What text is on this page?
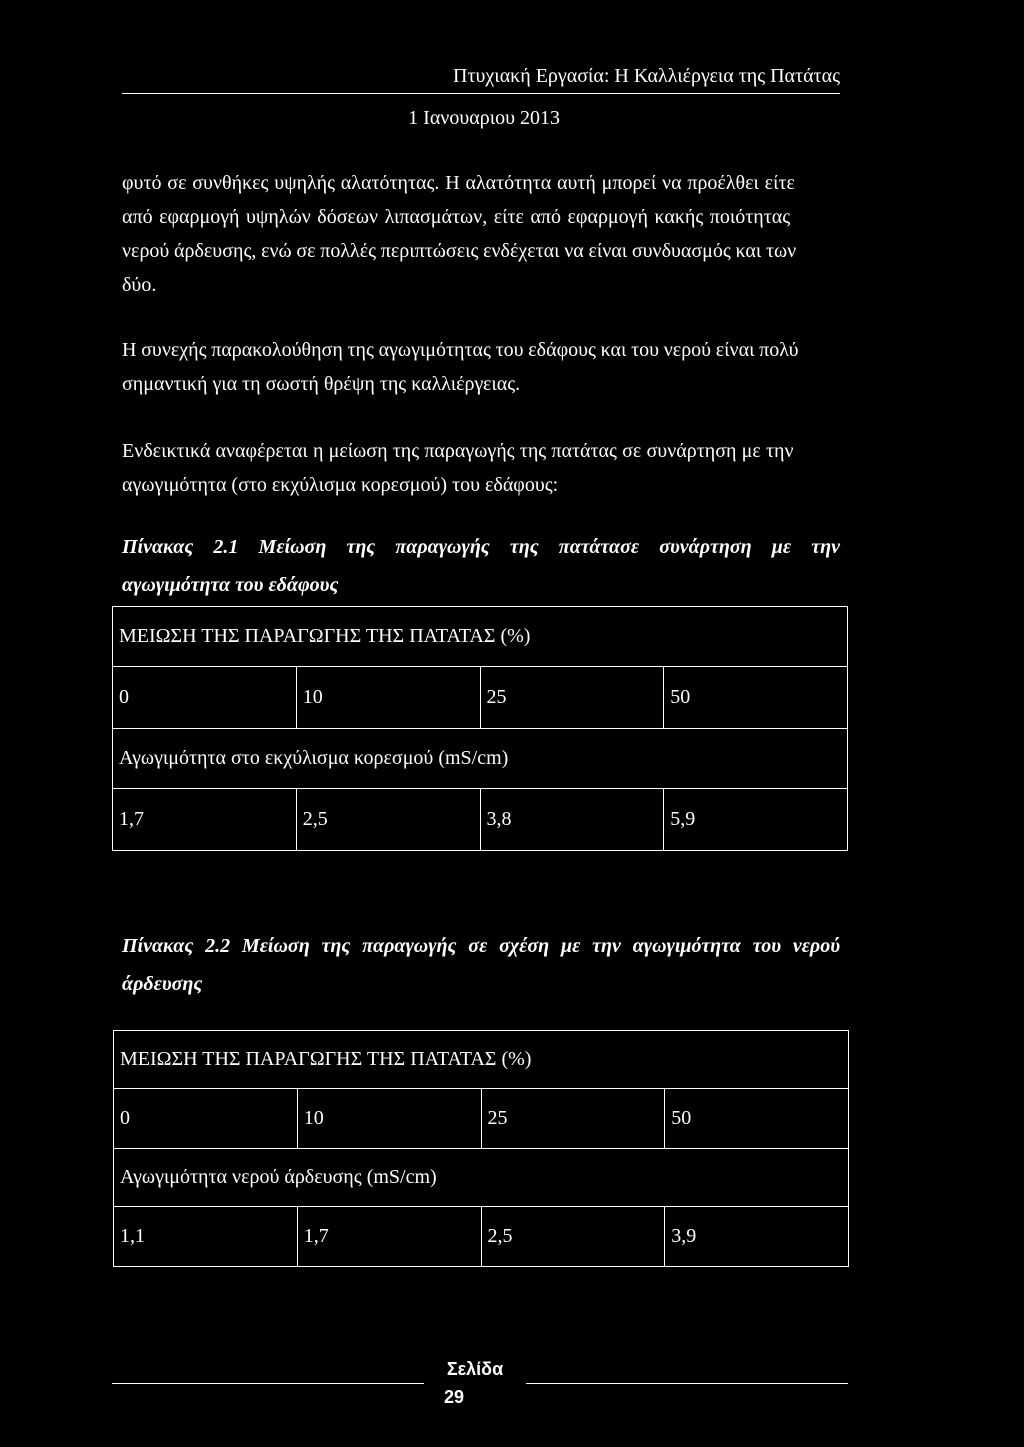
Πτυχιακή Εργασία: Η Καλλιέργεια της Πατάτας
1 Ιανουαριου 2013

φυτό σε συνθήκες υψηλής αλατότητας. Η αλατότητα αυτή μπορεί να προέλθει είτε
από εφαρμογή υψηλών δόσεων λιπασμάτων, είτε από εφαρμογή κακής ποιότητας
νερού άρδευσης, ενώ σε πολλές περιπτώσεις ενδέχεται να είναι συνδυασμός και των
δύο.

Η συνεχής παρακολούθηση της αγωγιμότητας του εδάφους και του νερού είναι πολύ
σημαντική για τη σωστή θρέψη της καλλιέργειας.

Ενδεικτικά αναφέρεται η μείωση της παραγωγής της πατάτας σε συνάρτηση με την
αγωγιμότητα (στο εκχύλισμα κορεσμού) του εδάφους:

Πίνακας 2.1 Μείωση της παραγωγής της πατάτασε συνάρτηση με την
αγωγιμότητα του εδάφους
ΜΕΙΩΣΗ ΤΗΣ ΠΑΡΑΓΩΓΗΣ ΤΗΣ ΠΑΤΑΤΑΣ (%)			
0	10	25	50
Αγωγιμότητα στο εκχύλισμα κορεσμού (mS/cm)			
1,7	2,5	3,8	5,9
Πίνακας 2.2 Μείωση της παραγωγής σε σχέση με την αγωγιμότητα του νερού
άρδευσης
ΜΕΙΩΣΗ ΤΗΣ ΠΑΡΑΓΩΓΗΣ ΤΗΣ ΠΑΤΑΤΑΣ (%)			
0	10	25	50
Αγωγιμότητα νερού άρδευσης (mS/cm)			
1,1	1,7	2,5	3,9
Σελίδα
29
